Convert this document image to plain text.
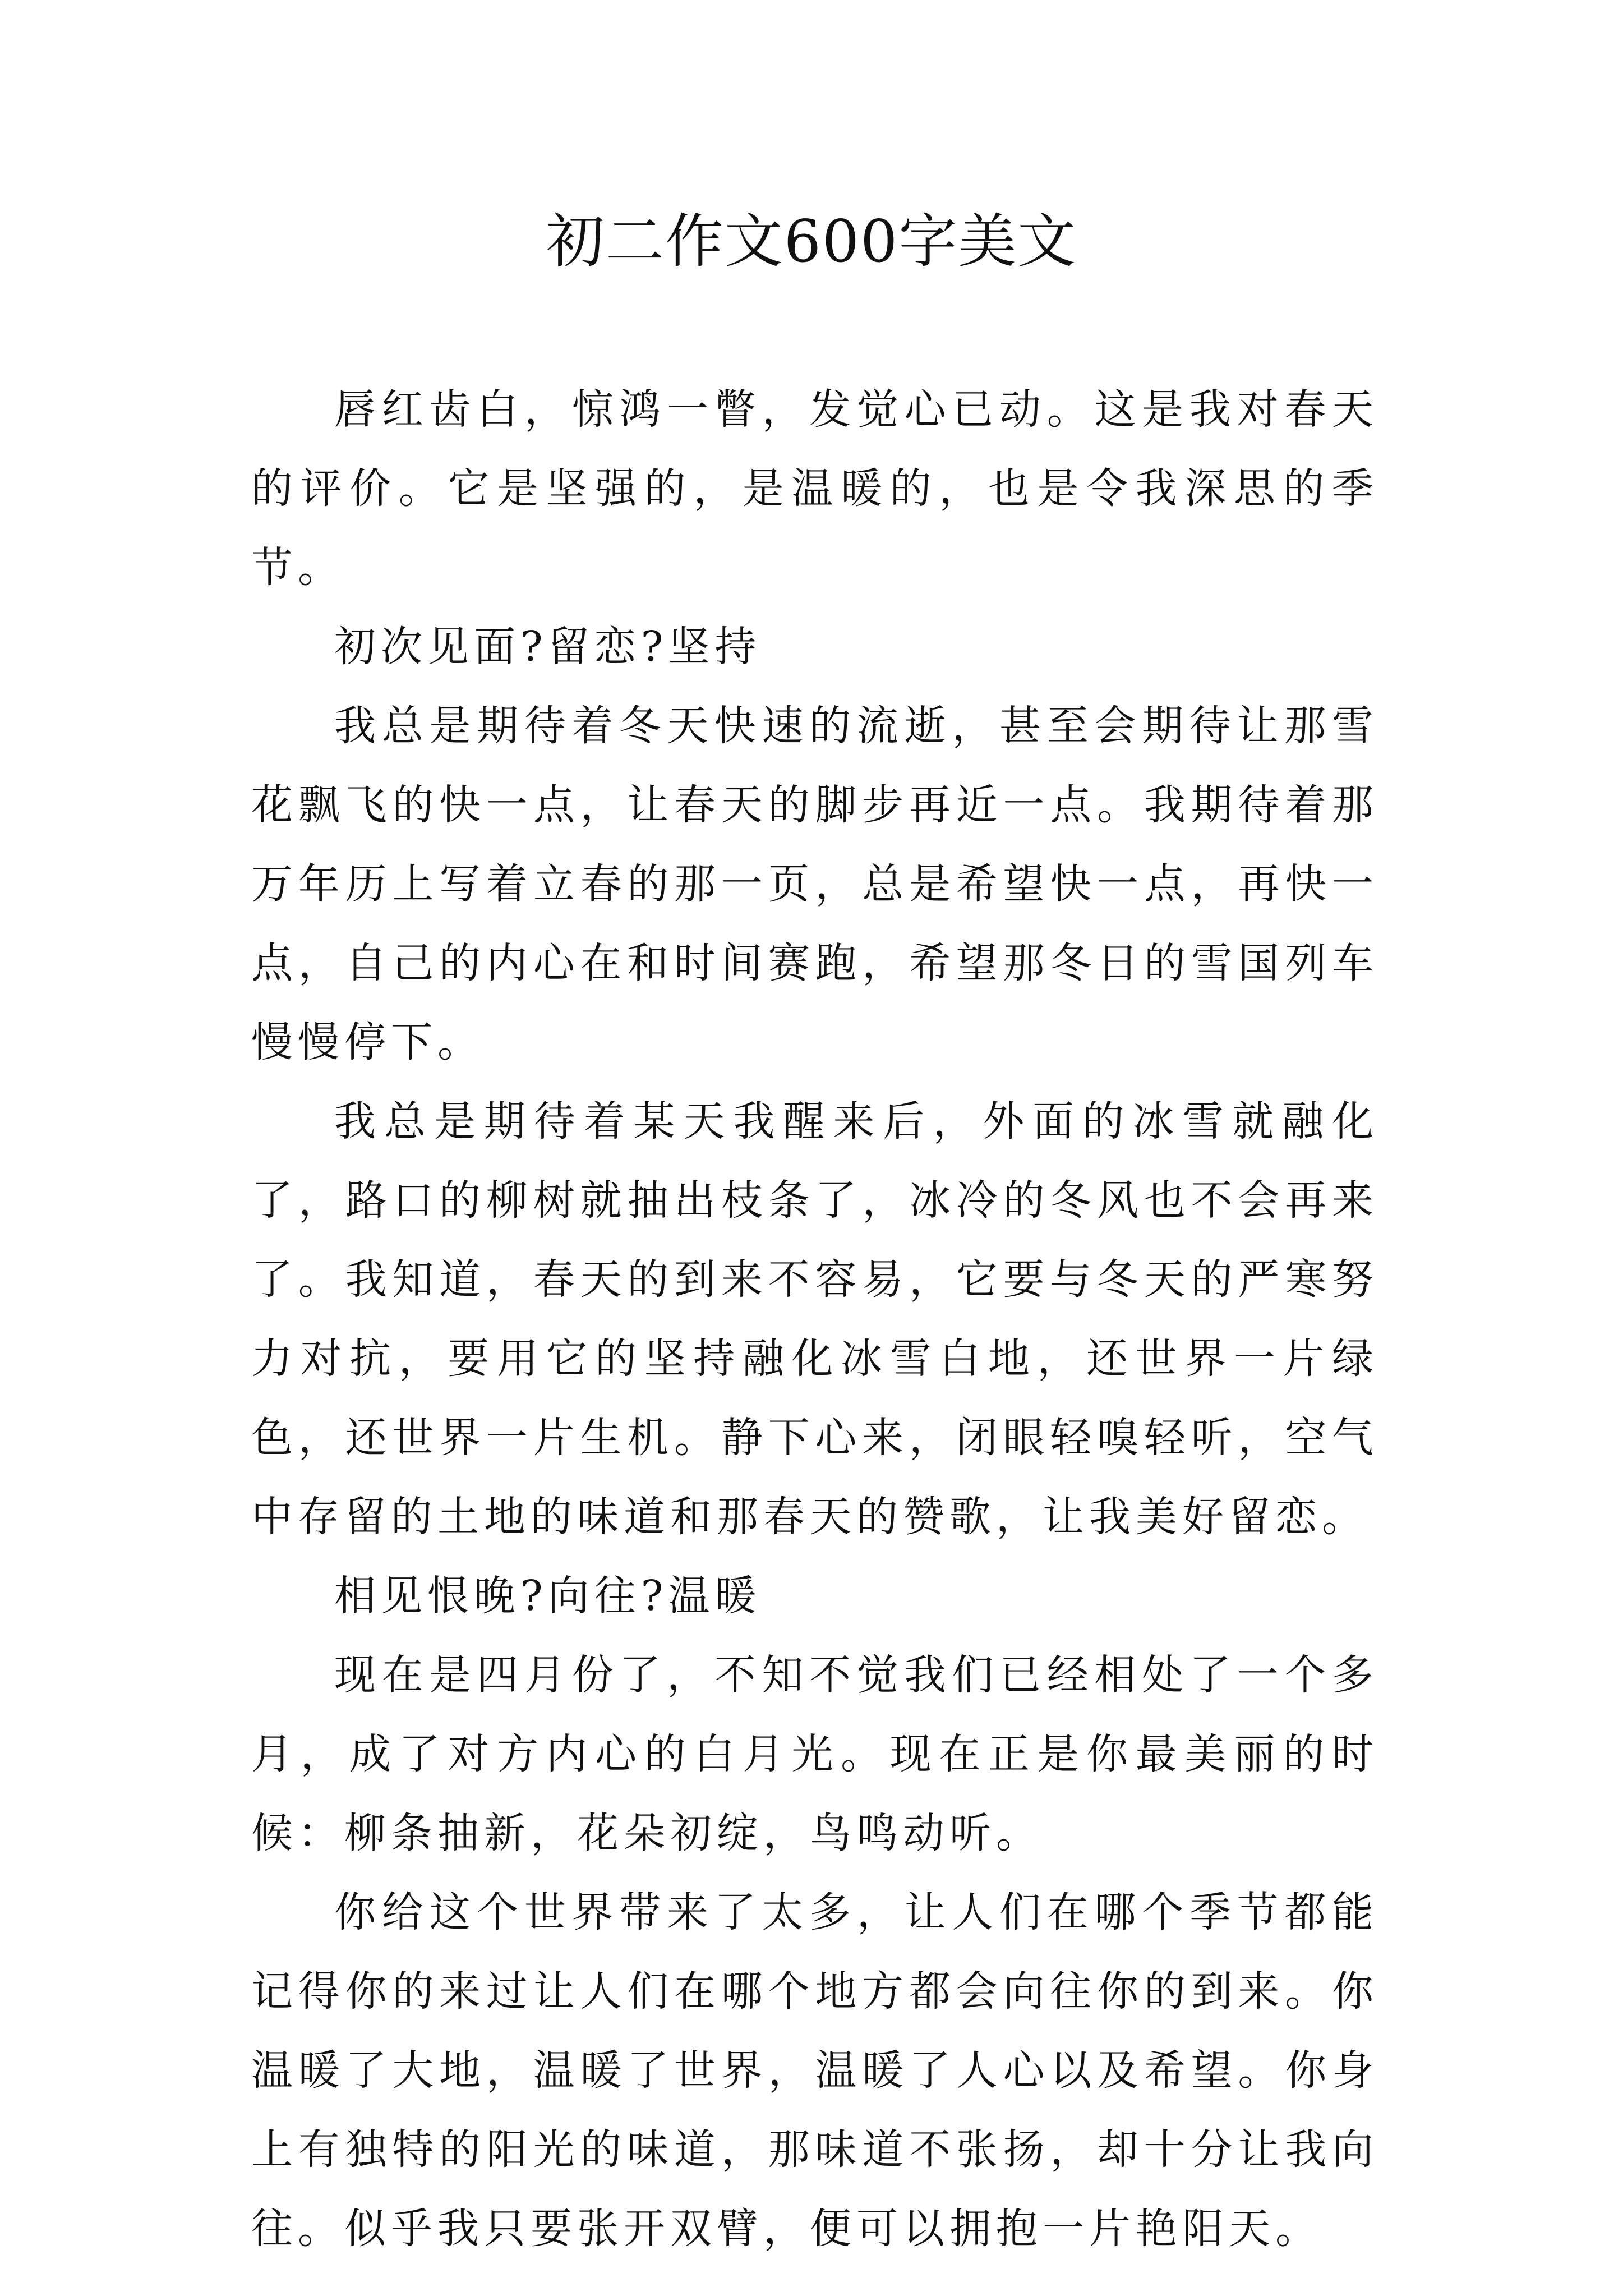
初二作文600字美文

唇红齿白，惊鸿一瞥，发觉心已动。这是我对春天的评价。它是坚强的，是温暖的，也是令我深思的季节。

初次见面?留恋?坚持

我总是期待着冬天快速的流逝，甚至会期待让那雪花飘飞的快一点，让春天的脚步再近一点。我期待着那万年历上写着立春的那一页，总是希望快一点，再快一点，自己的内心在和时间赛跑，希望那冬日的雪国列车慢慢停下。

我总是期待着某天我醒来后，外面的冰雪就融化了，路口的柳树就抽出枝条了，冰冷的冬风也不会再来了。我知道，春天的到来不容易，它要与冬天的严寒努力对抗，要用它的坚持融化冰雪白地，还世界一片绿色，还世界一片生机。静下心来，闭眼轻嗅轻听，空气中存留的土地的味道和那春天的赞歌，让我美好留恋。

相见恨晚?向往?温暖

现在是四月份了，不知不觉我们已经相处了一个多月，成了对方内心的白月光。现在正是你最美丽的时候：柳条抽新，花朵初绽，鸟鸣动听。

你给这个世界带来了太多，让人们在哪个季节都能记得你的来过让人们在哪个地方都会向往你的到来。你温暖了大地，温暖了世界，温暖了人心以及希望。你身上有独特的阳光的味道，那味道不张扬，却十分让我向往。似乎我只要张开双臂，便可以拥抱一片艳阳天。
